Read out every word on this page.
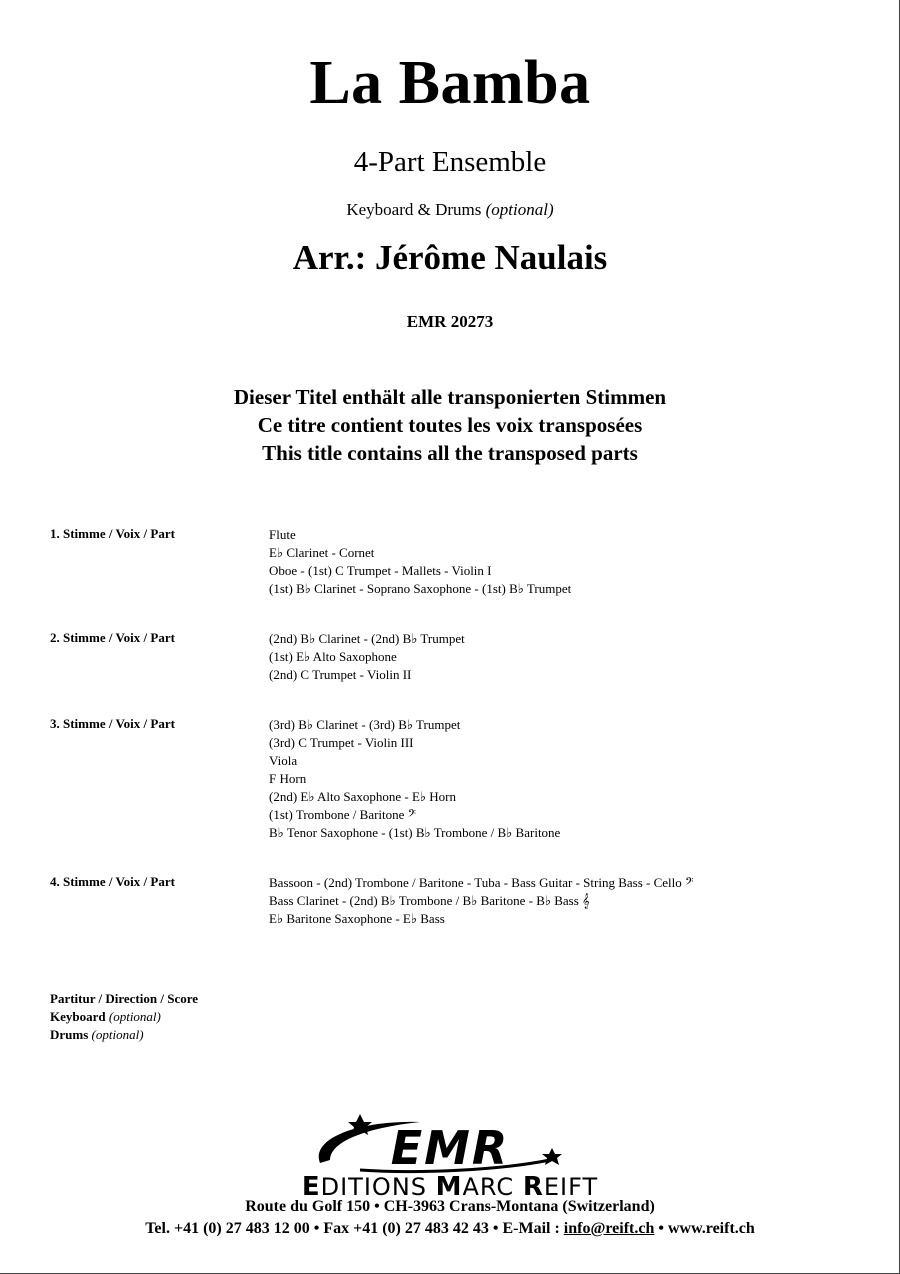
La Bamba
4-Part Ensemble
Keyboard & Drums (optional)
Arr.: Jérôme Naulais
EMR 20273
Dieser Titel enthält alle transponierten Stimmen
Ce titre contient toutes les voix transposées
This title contains all the transposed parts
1. Stimme / Voix / Part	Flute
E♭ Clarinet - Cornet
Oboe - (1st) C Trumpet - Mallets - Violin I
(1st) B♭ Clarinet - Soprano Saxophone - (1st) B♭ Trumpet
2. Stimme / Voix / Part	(2nd) B♭ Clarinet - (2nd) B♭ Trumpet
(1st) E♭ Alto Saxophone
(2nd) C Trumpet - Violin II
3. Stimme / Voix / Part	(3rd) B♭ Clarinet - (3rd) B♭ Trumpet
(3rd) C Trumpet - Violin III
Viola
F Horn
(2nd) E♭ Alto Saxophone - E♭ Horn
(1st) Trombone / Baritone 𝄢
B♭ Tenor Saxophone - (1st) B♭ Trombone / B♭ Baritone
4. Stimme / Voix / Part	Bassoon - (2nd) Trombone / Baritone - Tuba - Bass Guitar - String Bass - Cello 𝄢
Bass Clarinet - (2nd) B♭ Trombone / B♭ Baritone - B♭ Bass 𝄞
E♭ Baritone Saxophone - E♭ Bass
Partitur / Direction / Score
Keyboard (optional)
Drums (optional)
EMR
EDITIONS MARC REIFT
Route du Golf 150 • CH-3963 Crans-Montana (Switzerland)
Tel. +41 (0) 27 483 12 00 • Fax +41 (0) 27 483 42 43 • E-Mail : info@reift.ch • www.reift.ch
